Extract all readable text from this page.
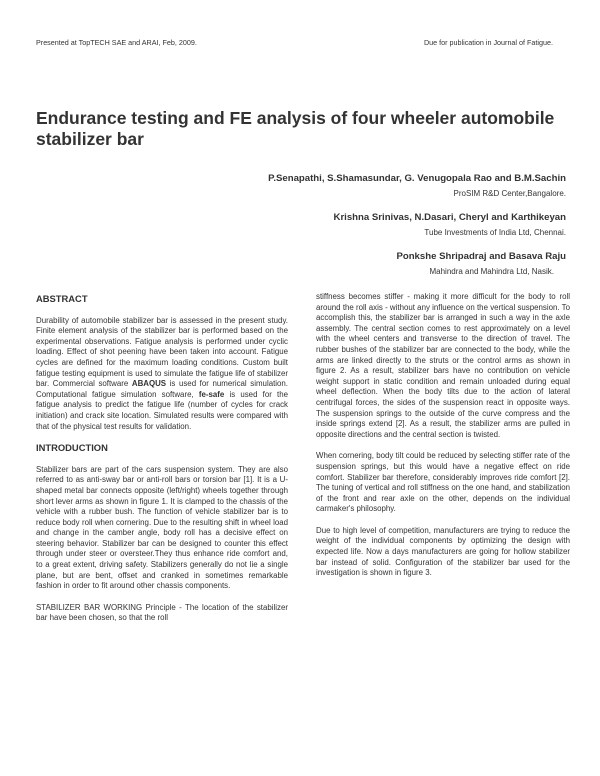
Presented at TopTECH SAE and ARAI, Feb, 2009.	Due for publication in Journal of Fatigue.
Endurance testing and FE analysis of four wheeler automobile stabilizer bar
P.Senapathi, S.Shamasundar, G. Venugopala Rao and B.M.Sachin
ProSIM R&D Center,Bangalore.
Krishna Srinivas, N.Dasari, Cheryl and Karthikeyan
Tube Investments of India Ltd, Chennai.
Ponkshe Shripadraj and Basava Raju
Mahindra and Mahindra Ltd, Nasik.
ABSTRACT

Durability of automobile stabilizer bar is assessed in the present study. Finite element analysis of the stabilizer bar is performed based on the experimental observations. Fatigue analysis is performed under cyclic loading. Effect of shot peening have been taken into account. Fatigue cycles are defined for the maximum loading conditions. Custom built fatigue testing equipment is used to simulate the fatigue life of stabilizer bar. Commercial software ABAQUS is used for numerical simulation. Computational fatigue simulation software, fe-safe is used for the fatigue analysis to predict the fatigue life (number of cycles for crack initiation) and crack site location. Simulated results were compared with that of the physical test results for validation.

INTRODUCTION

Stabilizer bars are part of the cars suspension system. They are also referred to as anti-sway bar or anti-roll bars or torsion bar [1]. It is a U-shaped metal bar connects opposite (left/right) wheels together through short lever arms as shown in figure 1. It is clamped to the chassis of the vehicle with a rubber bush. The function of vehicle stabilizer bar is to reduce body roll when cornering. Due to the resulting shift in wheel load and change in the camber angle, body roll has a decisive effect on steering behavior. Stabilizer bar can be designed to counter this effect through under steer or oversteer.They thus enhance ride comfort and, to a great extent, driving safety. Stabilizers generally do not lie a single plane, but are bent, offset and cranked in sometimes remarkable fashion in order to fit around other chassis components.

STABILIZER BAR WORKING Principle - The location of the stabilizer bar have been chosen, so that the roll

stiffness becomes stiffer - making it more difficult for the body to roll around the roll axis - without any influence on the vertical suspension. To accomplish this, the stabilizer bar is arranged in such a way in the axle assembly. The central section comes to rest approximately on a level with the wheel centers and transverse to the direction of travel. The rubber bushes of the stabilizer bar are connected to the body, while the arms are linked directly to the struts or the control arms as shown in figure 2. As a result, stabilizer bars have no contribution on vehicle weight support in static condition and remain unloaded during equal wheel deflection. When the body tilts due to the action of lateral centrifugal forces, the sides of the suspension react in opposite ways. The suspension springs to the outside of the curve compress and the inside springs extend [2]. As a result, the stabilizer arms are pulled in opposite directions and the central section is twisted.

When cornering, body tilt could be reduced by selecting stiffer rate of the suspension springs, but this would have a negative effect on ride comfort. Stabilizer bar therefore, considerably improves ride comfort [2]. The tuning of vertical and roll stiffness on the one hand, and stabilization of the front and rear axle on the other, depends on the individual carmaker's philosophy.

Due to high level of competition, manufacturers are trying to reduce the weight of the individual components by optimizing the design with expected life. Now a days manufacturers are going for hollow stabilizer bar instead of solid. Configuration of the stabilizer bar used for the investigation is shown in figure 3.
